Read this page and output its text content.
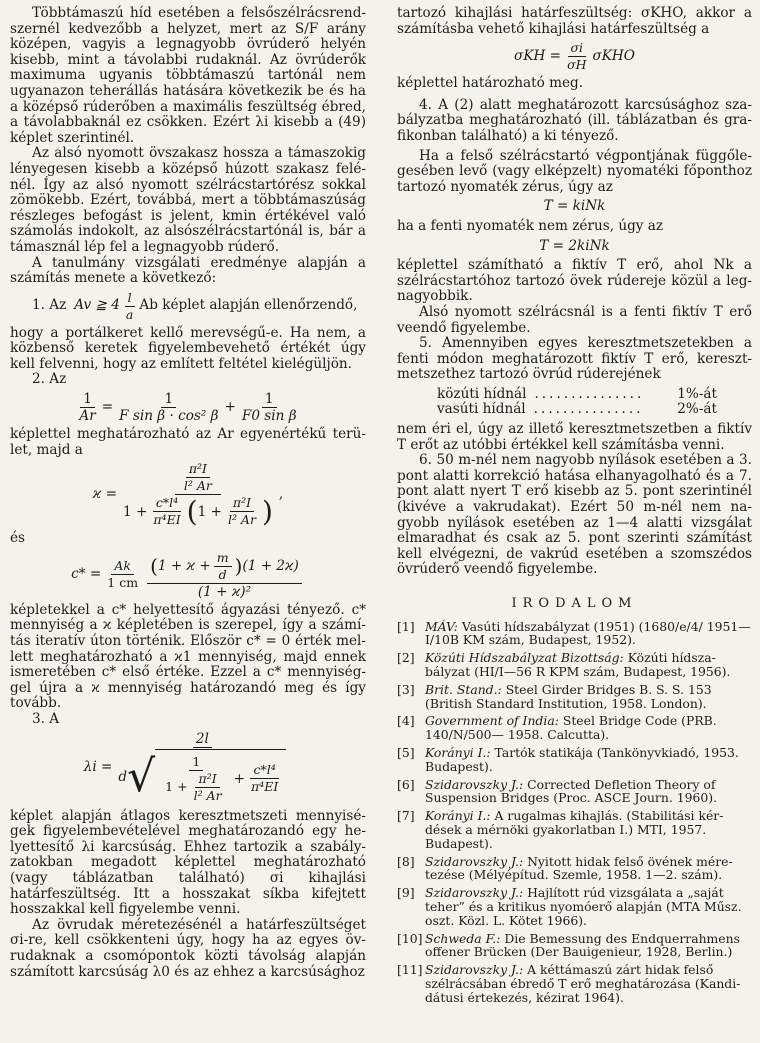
Többtámaszú híd esetében a felsőszélrácsrendszernél kedvezőbb a helyzet, mert az S/F arány középen, vagyis a legnagyobb övrúderő helyén kisebb, mint a távolabbi rudaknál. Az övrúderők maximuma ugyanis többtámaszú tartónál nem ugyanazon teherállás hatására következik be és ha a középső rúderőben a maximális feszültség ébred, a távolabbaknál ez csökken. Ezért λi kisebb a (49) képlet szerintinél.

Az alsó nyomott övszakasz hossza a támaszokig lényegesen kisebb a középső húzott szakasz felénél. Így az alsó nyomott szélrácstartórész sokkal zömökebb. Ezért, továbbá, mert a többtámaszúság részleges befogást is jelent, kmin értékével való számolás indokolt, az alsószélrácstartónál is, bár a támasznál lép fel a legnagyobb rúderő.

A tanulmány vizsgálati eredménye alapján a számítás menete a következő:

1. Az Av ≧ $4 \frac{l}{a}$ Ab képlet alapján ellenőrzendő,

hogy a portálkeret kellő merevségű-e. Ha nem, a közbenső keretek figyelembevehető értékét úgy kell felvenni, hogy az említett feltétel kielégüljön.

2. Az

$\frac{1}{Ar} = \frac{1}{\text{F sin β · cos² β}} + \frac{1}{\text{F0 sin β}}$

képlettel meghatározható az Ar egyenértékű terület, majd a

ϰ =
$\frac{\text{π²I}}{\text{l² Ar}}$
$1 + \frac{\text{c*l⁴}}{\text{π⁴EI}}$ ( $1 + \frac{\text{π²I}}{\text{l² Ar}}$ )
,

és

$c* = \frac{Ak}{1 cm}$ ( $1 + ϰ + \frac{m}{d}$ ) (1 + 2ϰ)
(1 + ϰ)²

képletekkel a c* helyettesítő ágyazási tényező. c* mennyiség a ϰ képletében is szerepel, így a számítás iteratív úton történik. Először c* = 0 érték mellett meghatározható a ϰ1 mennyiség, majd ennek ismeretében c* első értéke. Ezzel a c* mennyiséggel újra a ϰ mennyiség határozandó meg és így tovább.

3. A

λi =
2l
d √ $\frac{1}{1 + \frac{\text{π²I}}{\text{l² Ar}}} + \frac{\text{c*l⁴}}{\text{π⁴EI}}$

képlet alapján átlagos keresztmetszeti mennyiségek figyelembevételével meghatározandó egy helyettesítő λi karcsúság. Ehhez tartozik a szabályzatokban megadott képlettel meghatározható (vagy táblázatban található) σi kihajlási határfeszültség. Itt a hosszakat síkba kifejtett hosszakkal kell figyelembe venni.

Az övrudak méretezésénél a határfeszültséget σi-re, kell csökkenteni úgy, hogy ha az egyes övrudaknak a csomópontok közti távolság alapján számított karcsúság λ0 és az ehhez a karcsúsághoz

tartozó kihajlási határfeszültség: σKHO, akkor a számításba vehető kihajlási határfeszültség a

$\sigma KH = \frac{\sigma i}{\sigma H}$ σKHO

képlettel határozható meg.

4. A (2) alatt meghatározott karcsúsághoz szabályzatba meghatározható (ill. táblázatban és grafikonban található) a ki tényező.

Ha a felső szélrácstartó végpontjának függőlegesében levő (vagy elképzelt) nyomatéki főponthoz tartozó nyomaték zérus, úgy az

T = kiNk

ha a fenti nyomaték nem zérus, úgy az

T = 2kiNk

képlettel számítható a fiktív T erő, ahol Nk a szélrácstartóhoz tartozó övek rúdereje közül a legnagyobbik.

Alsó nyomott szélrácsnál is a fenti fiktív T erő veendő figyelembe.

5. Amennyiben egyes keresztmetszetekben a fenti módon meghatározott fiktív T erő, keresztmetszethez tartozó övrúd rúderejének

közúti hídnál ...............	1%-át
vasúti hídnál ...............	2%-át

nem éri el, úgy az illető keresztmetszetben a fiktív T erőt az utóbbi értékkel kell számításba venni.

6. 50 m-nél nem nagyobb nyílások esetében a 3. pont alatti korrekció hatása elhanyagolható és a 7. pont alatt nyert T erő kisebb az 5. pont szerintinél (kivéve a vakrudakat). Ezért 50 m-nél nem nagyobb nyílások esetében az 1—4 alatti vizsgálat elmaradhat és csak az 5. pont szerinti számítást kell elvégezni, de vakrúd esetében a szomszédos övrúderő veendő figyelembe.

IRODALOM
[1] MÁV: Vasúti hídszabályzat (1951) (1680/e/4/ 1951—I/10B KM szám, Budapest, 1952).
[2] Közúti Hídszabályzat Bizottság: Közúti hídszabályzat (HI/I—56 R KPM szám, Budapest, 1956).
[3] Brit. Stand.: Steel Girder Bridges B. S. S. 153 (British Standard Institution, 1958. London).
[4] Government of India: Steel Bridge Code (PRB. 140/N/500— 1958. Calcutta).
[5] Korányi I.: Tartók statikája (Tankönyvkiadó, 1953. Budapest).
[6] Szidarovszky J.: Corrected Defletion Theory of Suspension Bridges (Proc. ASCE Journ. 1960).
[7] Korányi I.: A rugalmas kihajlás. (Stabilitási kérdések a mérnöki gyakorlatban I.) MTI, 1957. Budapest).
[8] Szidarovszky J.: Nyitott hidak felső övének méretezése (Mélyépítud. Szemle, 1958. 1—2. szám).
[9] Szidarovszky J.: Hajlított rúd vizsgálata a „saját teher” és a kritikus nyomóerő alapján (MTA Műsz. oszt. Közl. L. Kötet 1966).
[10] Schweda F.: Die Bemessung des Endquerrahmens offener Brücken (Der Bauigenieur, 1928, Berlin.)
[11] Szidarovszky J.: A kéttámaszú zárt hidak felső szélrácsában ébredő T erő meghatározása (Kandidátusi értekezés, kézirat 1964).
